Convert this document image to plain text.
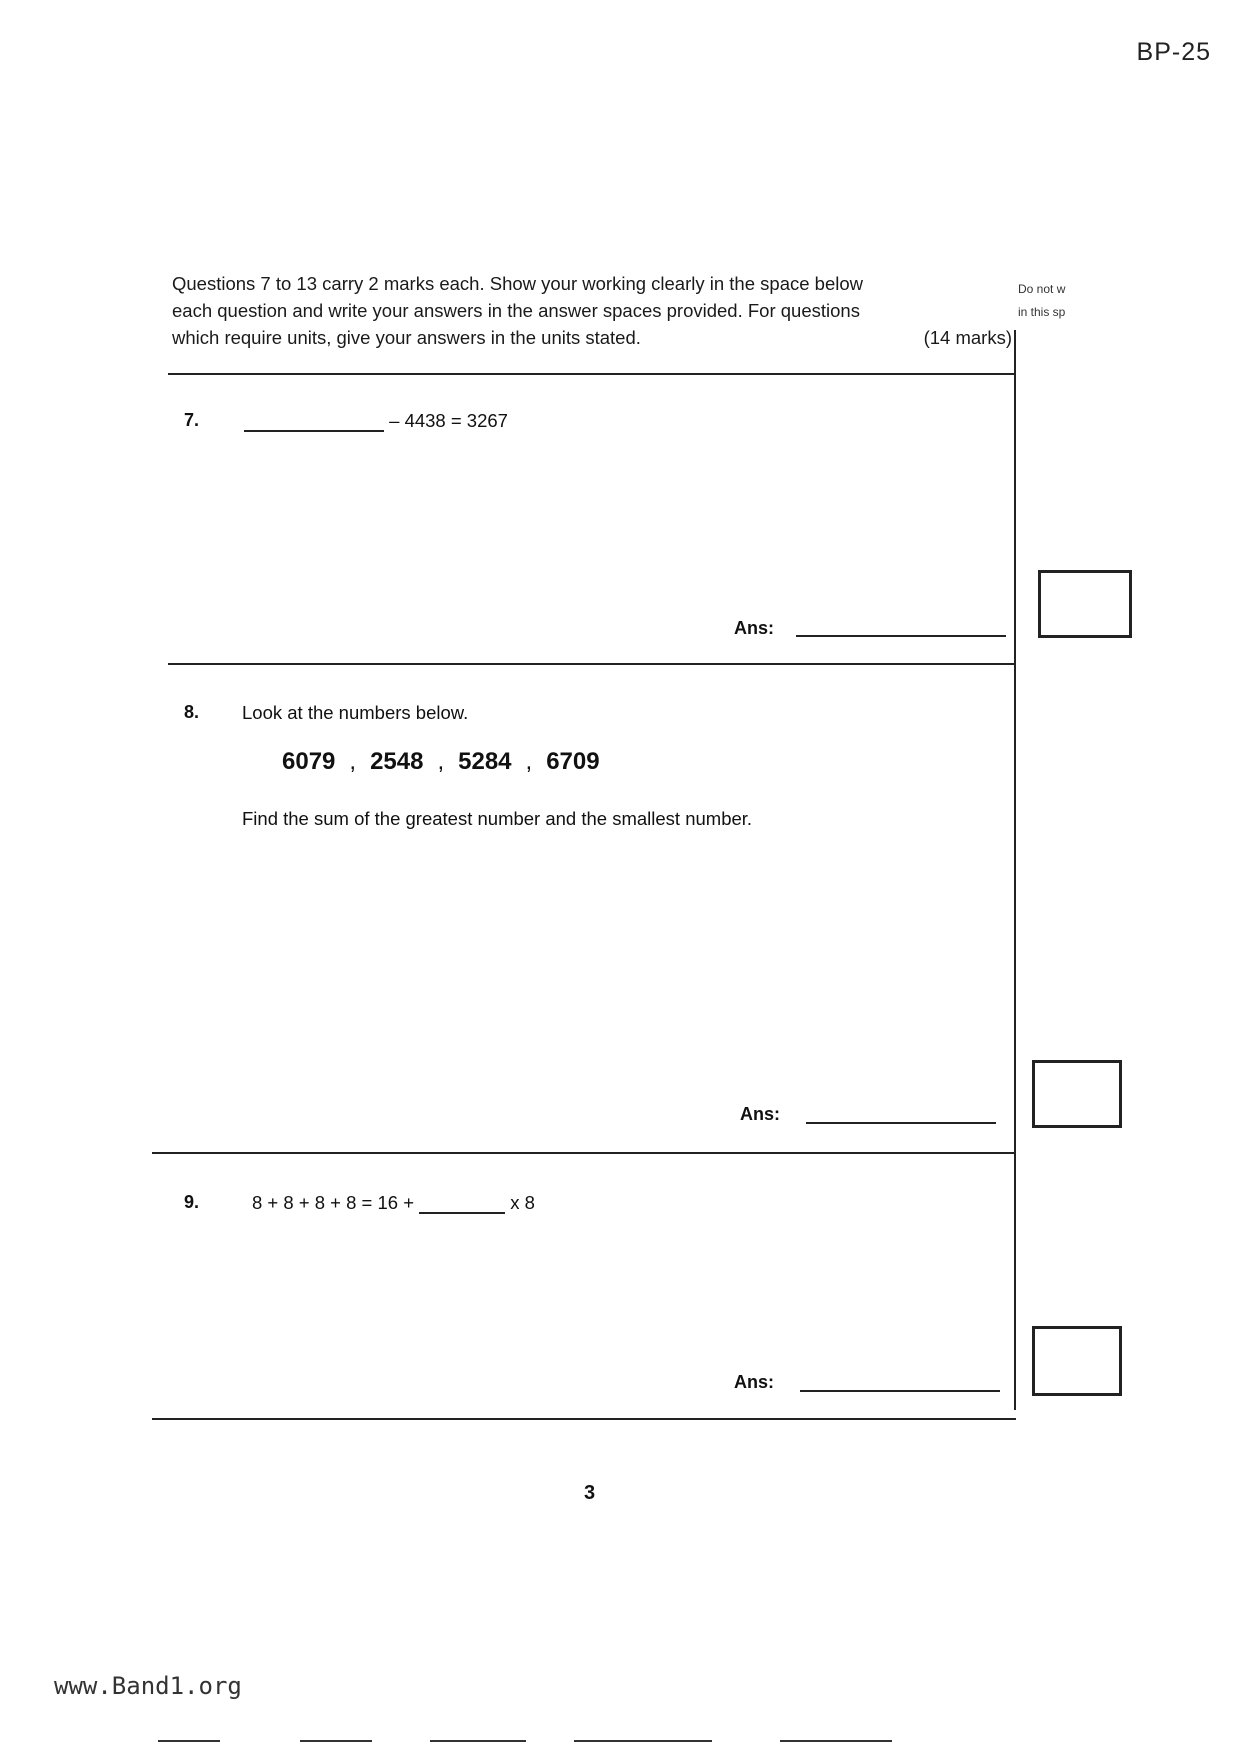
BP-25

Questions 7 to 13 carry 2 marks each. Show your working clearly in the space below

each question and write your answers in the answer spaces provided. For questions

which require units, give your answers in the units stated.	(14 marks)

Do not w
in this sp
7.	– 4438 = 3267
Ans:
8. Look at the numbers below.
6079 , 2548 , 5284 , 6709
Find the sum of the greatest number and the smallest number.
Ans:
9.	8 + 8 + 8 + 8 = 16 +	x 8
Ans:
3
www.Band1.org
